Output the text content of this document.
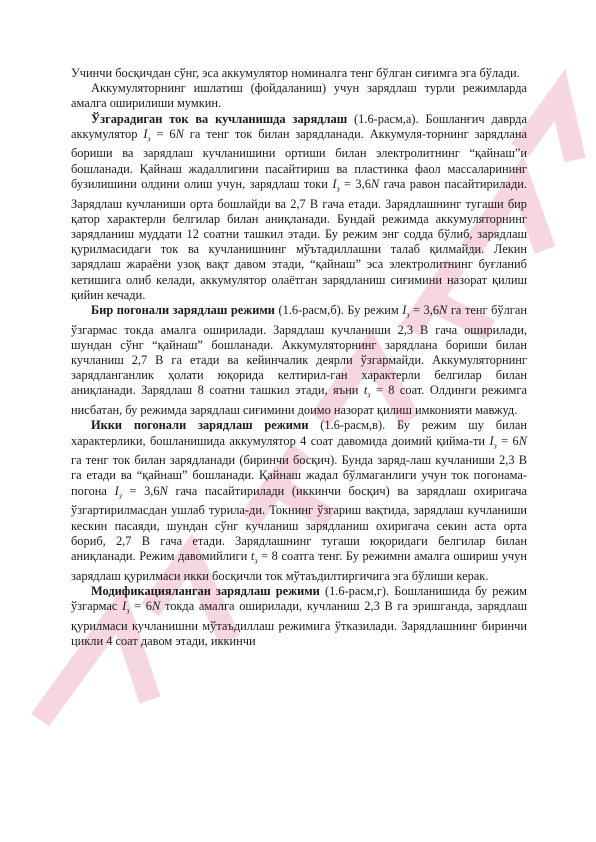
Учинчи босқичдан сўнг, эса аккумулятор номиналга тенг бўлган сиғимга эга бўлади.

Аккумуляторнинг ишлатиш (фойдаланиш) учун зарядлаш турли режимларда амалга оширилиши мумкин.

Ўзгарадиган ток ва кучланишда зарядлаш (1.6-расм,а). Бошланғич даврда аккумулятор $I_з = 6N$ га тенг ток билан зарядланади. Аккумуля-торнинг зарядлана бориши ва зарядлаш кучланишини ортиши билан электролитнинг “қайнаш”и бошланади. Қайнаш жадаллигини пасайтириш ва пластинка фаол массаларининг бузилишини олдини олиш учун, зарядлаш токи $I_з = 3,6N$ гача равон пасайтирилади. Зарядлаш кучланиши орта бошлайди ва 2,7 В гача етади. Зарядлашнинг тугаши бир қатор характерли белгилар билан аниқланади. Бундай режимда аккумуляторнинг зарядланиш муддати 12 соатни ташкил этади. Бу режим энг содда бўлиб, зарядлаш қурилмасидаги ток ва кучланишнинг мўътадиллашни талаб қилмайди. Лекин зарядлаш жараёни узоқ вақт давом этади, “қайнаш” эса электролитнинг буғланиб кетишига олиб келади, аккумулятор олаётган зарядланиш сиғимини назорат қилиш қийин кечади.

Бир погонали зарядлаш режими (1.6-расм,б). Бу режим $I_з = 3,6N$ га тенг бўлган ўзгармас токда амалга оширилади. Зарядлаш кучланиши 2,3 В гача оширилади, шундан сўнг “қайнаш” бошланади. Аккумуляторнинг зарядлана бориши билан кучланиш 2,7 В га етади ва кейинчалик деярли ўзгармайди. Аккумуляторнинг зарядланганлик ҳолати юқорида келтирил-ган характерли белгилар билан аниқланади. Зарядлаш 8 соатни ташкил этади, яъни $t_з = 8$ соат. Олдинги режимга нисбатан, бу режимда зарядлаш сиғимини доимо назорат қилиш имконияти мавжуд.

Икки погонали зарядлаш режими (1.6-расм,в). Бу режим шу билан характерлики, бошланишида аккумулятор 4 соат давомида доимий қийма-ти $I_з = 6N$ га тенг ток билан зарядланади (биринчи босқич). Бунда заряд-лаш кучланиши 2,3 В га етади ва “қайнаш” бошланади. Қайнаш жадал бўлмаганлиги учун ток погонама-погона $I_з = 3,6N$ гача пасайтирилади (иккинчи босқич) ва зарядлаш охиригача ўзгартирилмасдан ушлаб турила-ди. Токнинг ўзгариш вақтида, зарядлаш кучланиши кескин пасаяди, шундан сўнг кучланиш зарядланиш охиригача секин аста орта бориб, 2,7 В гача етади. Зарядлашнинг тугаши юқоридаги белгилар билан аниқланади. Режим давомийлиги $t_з = 8$ соатга тенг. Бу режимни амалга ошириш учун зарядлаш қурилмаси икки босқичли ток мўтаъдилтиргичига эга бўлиши керак.

Модификацияланган зарядлаш режими (1.6-расм,г). Бошланишида бу режим ўзгармас $I_з = 6N$ токда амалга оширилади, кучланиш 2,3 В га эришганда, зарядлаш қурилмаси кучланишни мўтаъдиллаш режимига ўтказилади. Зарядлашнинг биринчи цикли 4 соат давом этади, иккинчи
